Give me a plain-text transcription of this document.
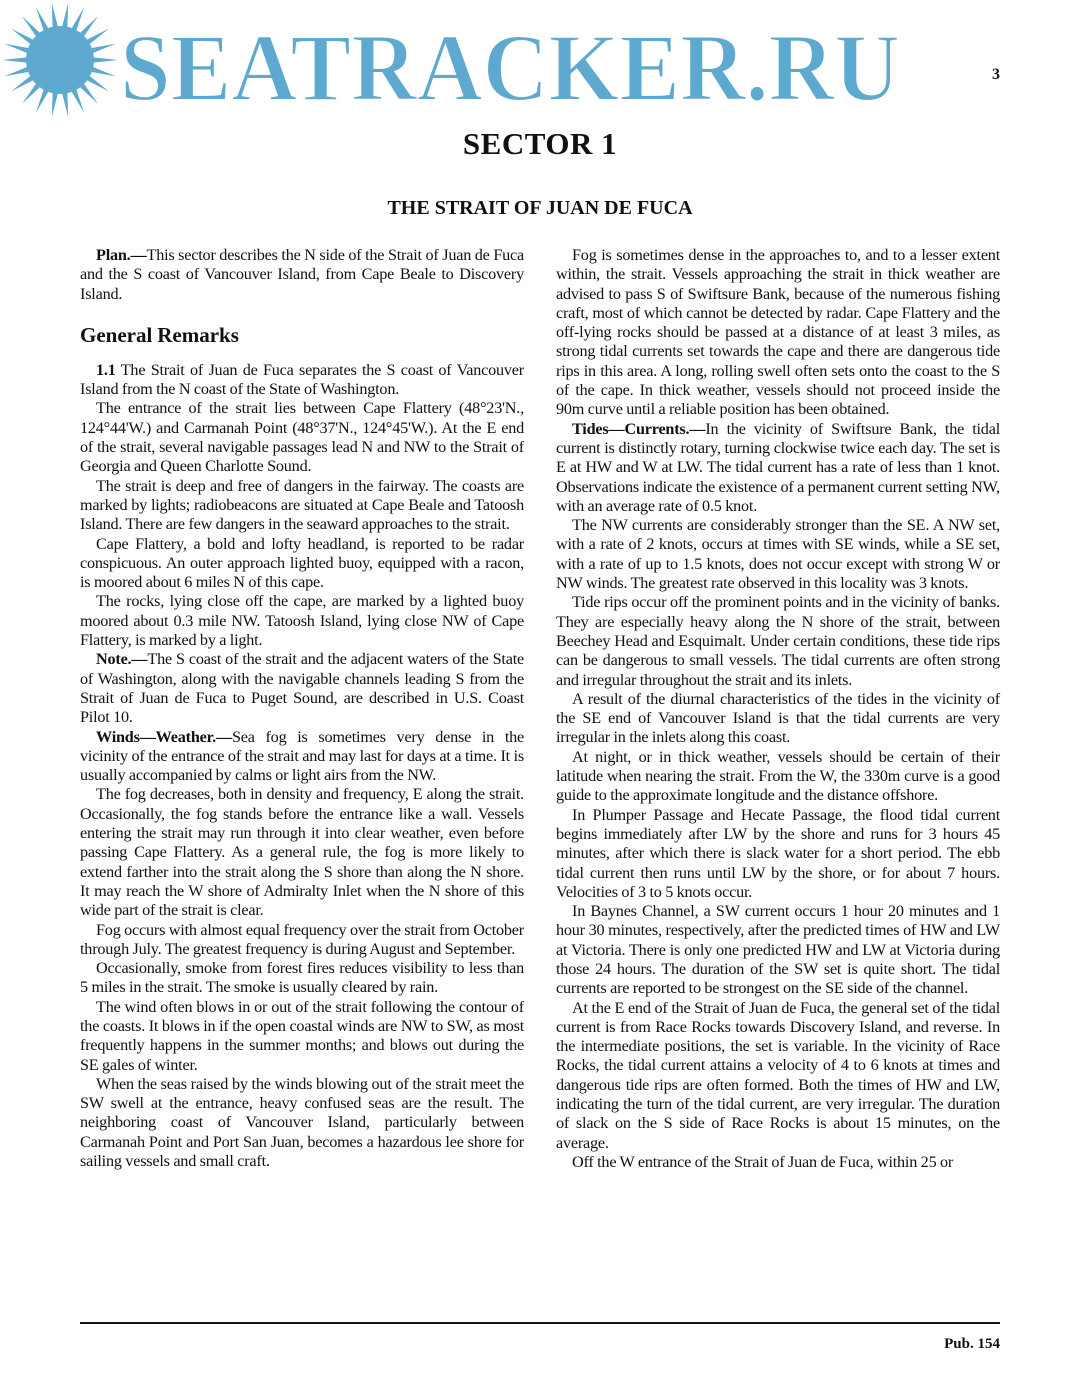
SEATRACKER.RU	3
SECTOR 1
THE STRAIT OF JUAN DE FUCA

Plan.—This sector describes the N side of the Strait of Juan de Fuca and the S coast of Vancouver Island, from Cape Beale to Discovery Island.

General Remarks

1.1 The Strait of Juan de Fuca separates the S coast of Vancouver Island from the N coast of the State of Washington.

The entrance of the strait lies between Cape Flattery (48°23'N., 124°44'W.) and Carmanah Point (48°37'N., 124°45'W.). At the E end of the strait, several navigable passages lead N and NW to the Strait of Georgia and Queen Charlotte Sound.

The strait is deep and free of dangers in the fairway. The coasts are marked by lights; radiobeacons are situated at Cape Beale and Tatoosh Island. There are few dangers in the seaward approaches to the strait.

Cape Flattery, a bold and lofty headland, is reported to be radar conspicuous. An outer approach lighted buoy, equipped with a racon, is moored about 6 miles N of this cape.

The rocks, lying close off the cape, are marked by a lighted buoy moored about 0.3 mile NW. Tatoosh Island, lying close NW of Cape Flattery, is marked by a light.

Note.—The S coast of the strait and the adjacent waters of the State of Washington, along with the navigable channels leading S from the Strait of Juan de Fuca to Puget Sound, are described in U.S. Coast Pilot 10.

Winds—Weather.—Sea fog is sometimes very dense in the vicinity of the entrance of the strait and may last for days at a time. It is usually accompanied by calms or light airs from the NW.

The fog decreases, both in density and frequency, E along the strait. Occasionally, the fog stands before the entrance like a wall. Vessels entering the strait may run through it into clear weather, even before passing Cape Flattery. As a general rule, the fog is more likely to extend farther into the strait along the S shore than along the N shore. It may reach the W shore of Admiralty Inlet when the N shore of this wide part of the strait is clear.

Fog occurs with almost equal frequency over the strait from October through July. The greatest frequency is during August and September.

Occasionally, smoke from forest fires reduces visibility to less than 5 miles in the strait. The smoke is usually cleared by rain.

The wind often blows in or out of the strait following the contour of the coasts. It blows in if the open coastal winds are NW to SW, as most frequently happens in the summer months; and blows out during the SE gales of winter.

When the seas raised by the winds blowing out of the strait meet the SW swell at the entrance, heavy confused seas are the result. The neighboring coast of Vancouver Island, particularly between Carmanah Point and Port San Juan, becomes a hazardous lee shore for sailing vessels and small craft.

Fog is sometimes dense in the approaches to, and to a lesser extent within, the strait. Vessels approaching the strait in thick weather are advised to pass S of Swiftsure Bank, because of the numerous fishing craft, most of which cannot be detected by radar. Cape Flattery and the off-lying rocks should be passed at a distance of at least 3 miles, as strong tidal currents set towards the cape and there are dangerous tide rips in this area. A long, rolling swell often sets onto the coast to the S of the cape. In thick weather, vessels should not proceed inside the 90m curve until a reliable position has been obtained.

Tides—Currents.—In the vicinity of Swiftsure Bank, the tidal current is distinctly rotary, turning clockwise twice each day. The set is E at HW and W at LW. The tidal current has a rate of less than 1 knot. Observations indicate the existence of a permanent current setting NW, with an average rate of 0.5 knot.

The NW currents are considerably stronger than the SE. A NW set, with a rate of 2 knots, occurs at times with SE winds, while a SE set, with a rate of up to 1.5 knots, does not occur except with strong W or NW winds. The greatest rate observed in this locality was 3 knots.

Tide rips occur off the prominent points and in the vicinity of banks. They are especially heavy along the N shore of the strait, between Beechey Head and Esquimalt. Under certain conditions, these tide rips can be dangerous to small vessels. The tidal currents are often strong and irregular throughout the strait and its inlets.

A result of the diurnal characteristics of the tides in the vicinity of the SE end of Vancouver Island is that the tidal currents are very irregular in the inlets along this coast.

At night, or in thick weather, vessels should be certain of their latitude when nearing the strait. From the W, the 330m curve is a good guide to the approximate longitude and the distance offshore.

In Plumper Passage and Hecate Passage, the flood tidal current begins immediately after LW by the shore and runs for 3 hours 45 minutes, after which there is slack water for a short period. The ebb tidal current then runs until LW by the shore, or for about 7 hours. Velocities of 3 to 5 knots occur.

In Baynes Channel, a SW current occurs 1 hour 20 minutes and 1 hour 30 minutes, respectively, after the predicted times of HW and LW at Victoria. There is only one predicted HW and LW at Victoria during those 24 hours. The duration of the SW set is quite short. The tidal currents are reported to be strongest on the SE side of the channel.

At the E end of the Strait of Juan de Fuca, the general set of the tidal current is from Race Rocks towards Discovery Island, and reverse. In the intermediate positions, the set is variable. In the vicinity of Race Rocks, the tidal current attains a velocity of 4 to 6 knots at times and dangerous tide rips are often formed. Both the times of HW and LW, indicating the turn of the tidal current, are very irregular. The duration of slack on the S side of Race Rocks is about 15 minutes, on the average.

Off the W entrance of the Strait of Juan de Fuca, within 25 or

Pub. 154
